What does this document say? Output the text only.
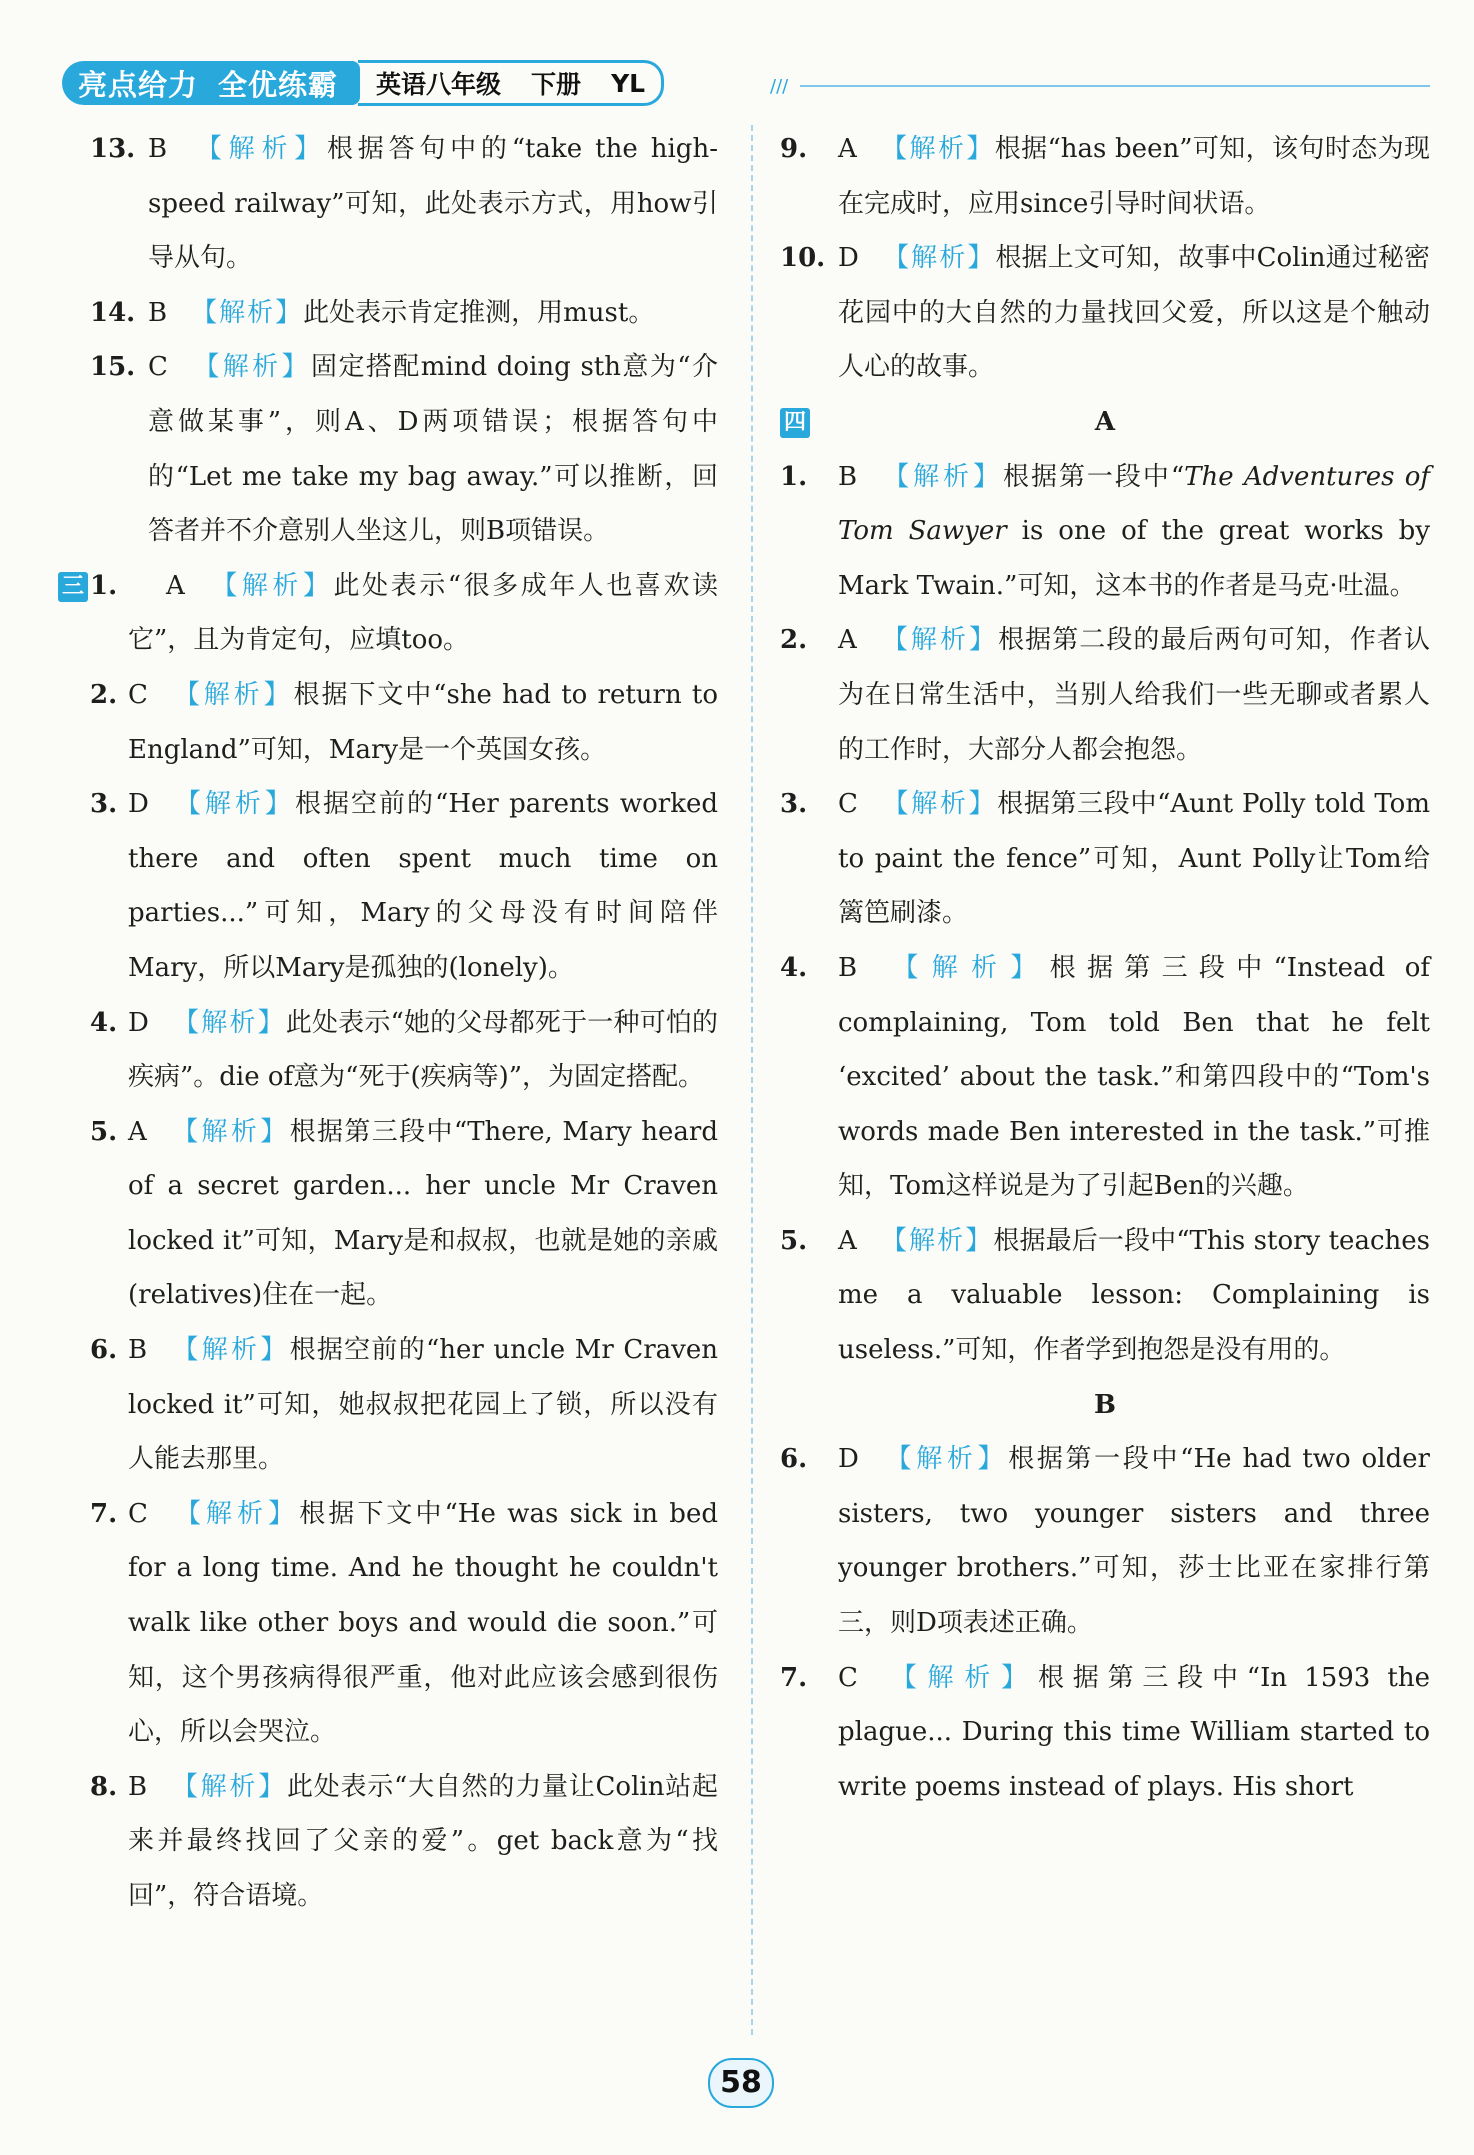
亮点给力 全优练霸 英语八年级 下册 YL	///
13. B 【解析】根据答句中的“take the high-speed railway”可知，此处表示方式，用how引导从句。
14. B 【解析】此处表示肯定推测，用must。
15. C 【解析】固定搭配mind doing sth意为“介意做某事”，则A、D两项错误；根据答句中的“Let me take my bag away.”可以推断，回答者并不介意别人坐这儿，则B项错误。
三 1. A 【解析】此处表示“很多成年人也喜欢读它”，且为肯定句，应填too。
2. C 【解析】根据下文中“she had to return to England”可知，Mary是一个英国女孩。
3. D 【解析】根据空前的“Her parents worked there and often spent much time on parties...”可知，Mary的父母没有时间陪伴Mary，所以Mary是孤独的(lonely)。
4. D 【解析】此处表示“她的父母都死于一种可怕的疾病”。die of意为“死于(疾病等)”，为固定搭配。
5. A 【解析】根据第三段中“There, Mary heard of a secret garden... her uncle Mr Craven locked it”可知，Mary是和叔叔，也就是她的亲戚(relatives)住在一起。
6. B 【解析】根据空前的“her uncle Mr Craven locked it”可知，她叔叔把花园上了锁，所以没有人能去那里。
7. C 【解析】根据下文中“He was sick in bed for a long time. And he thought he couldn't walk like other boys and would die soon.”可知，这个男孩病得很严重，他对此应该会感到很伤心，所以会哭泣。
8. B 【解析】此处表示“大自然的力量让Colin站起来并最终找回了父亲的爱”。get back意为“找回”，符合语境。
9. A 【解析】根据“has been”可知，该句时态为现在完成时，应用since引导时间状语。
10. D 【解析】根据上文可知，故事中Colin通过秘密花园中的大自然的力量找回父爱，所以这是个触动人心的故事。
四	A
1. B 【解析】根据第一段中“The Adventures of Tom Sawyer is one of the great works by Mark Twain.”可知，这本书的作者是马克·吐温。
2. A 【解析】根据第二段的最后两句可知，作者认为在日常生活中，当别人给我们一些无聊或者累人的工作时，大部分人都会抱怨。
3. C 【解析】根据第三段中“Aunt Polly told Tom to paint the fence”可知，Aunt Polly让Tom给篱笆刷漆。
4. B 【解析】根据第三段中“Instead of complaining, Tom told Ben that he felt ‘excited’ about the task.”和第四段中的“Tom's words made Ben interested in the task.”可推知，Tom这样说是为了引起Ben的兴趣。
5. A 【解析】根据最后一段中“This story teaches me a valuable lesson: Complaining is useless.”可知，作者学到抱怨是没有用的。
B
6. D 【解析】根据第一段中“He had two older sisters, two younger sisters and three younger brothers.”可知，莎士比亚在家排行第三，则D项表述正确。
7. C 【解析】根据第三段中“In 1593 the plague... During this time William started to write poems instead of plays. His short
58
